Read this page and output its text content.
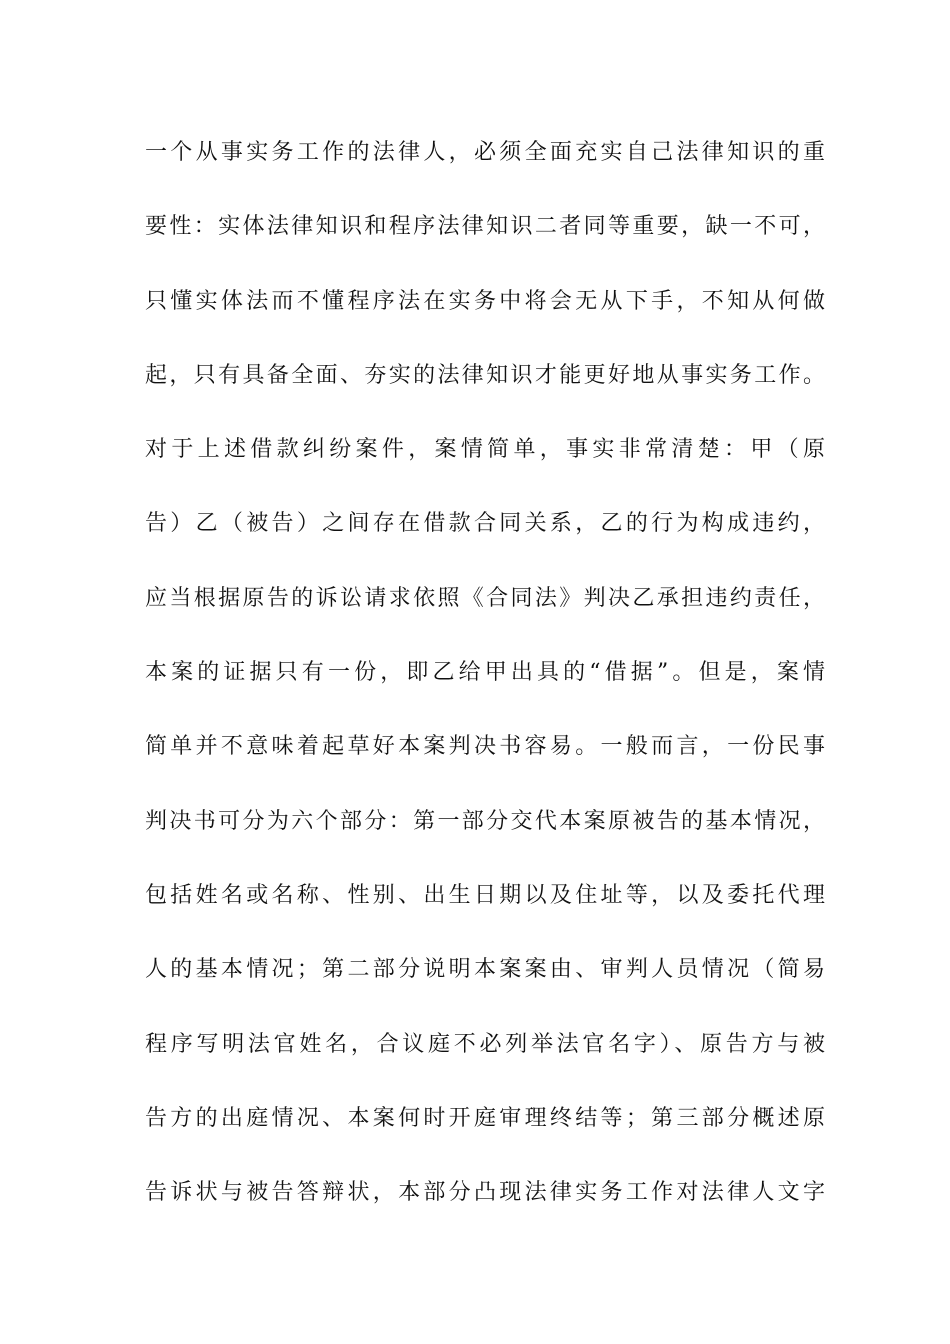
一个从事实务工作的法律人，必须全面充实自己法律知识的重
要性：实体法律知识和程序法律知识二者同等重要，缺一不可，
只懂实体法而不懂程序法在实务中将会无从下手，不知从何做
起，只有具备全面、夯实的法律知识才能更好地从事实务工作。
对于上述借款纠纷案件，案情简单，事实非常清楚：甲（原
告）乙（被告）之间存在借款合同关系，乙的行为构成违约，
应当根据原告的诉讼请求依照《合同法》判决乙承担违约责任，
本案的证据只有一份，即乙给甲出具的“借据”。但是，案情
简单并不意味着起草好本案判决书容易。一般而言，一份民事
判决书可分为六个部分：第一部分交代本案原被告的基本情况，
包括姓名或名称、性别、出生日期以及住址等，以及委托代理
人的基本情况；第二部分说明本案案由、审判人员情况（简易
程序写明法官姓名，合议庭不必列举法官名字）、原告方与被
告方的出庭情况、本案何时开庭审理终结等；第三部分概述原
告诉状与被告答辩状，本部分凸现法律实务工作对法律人文字
